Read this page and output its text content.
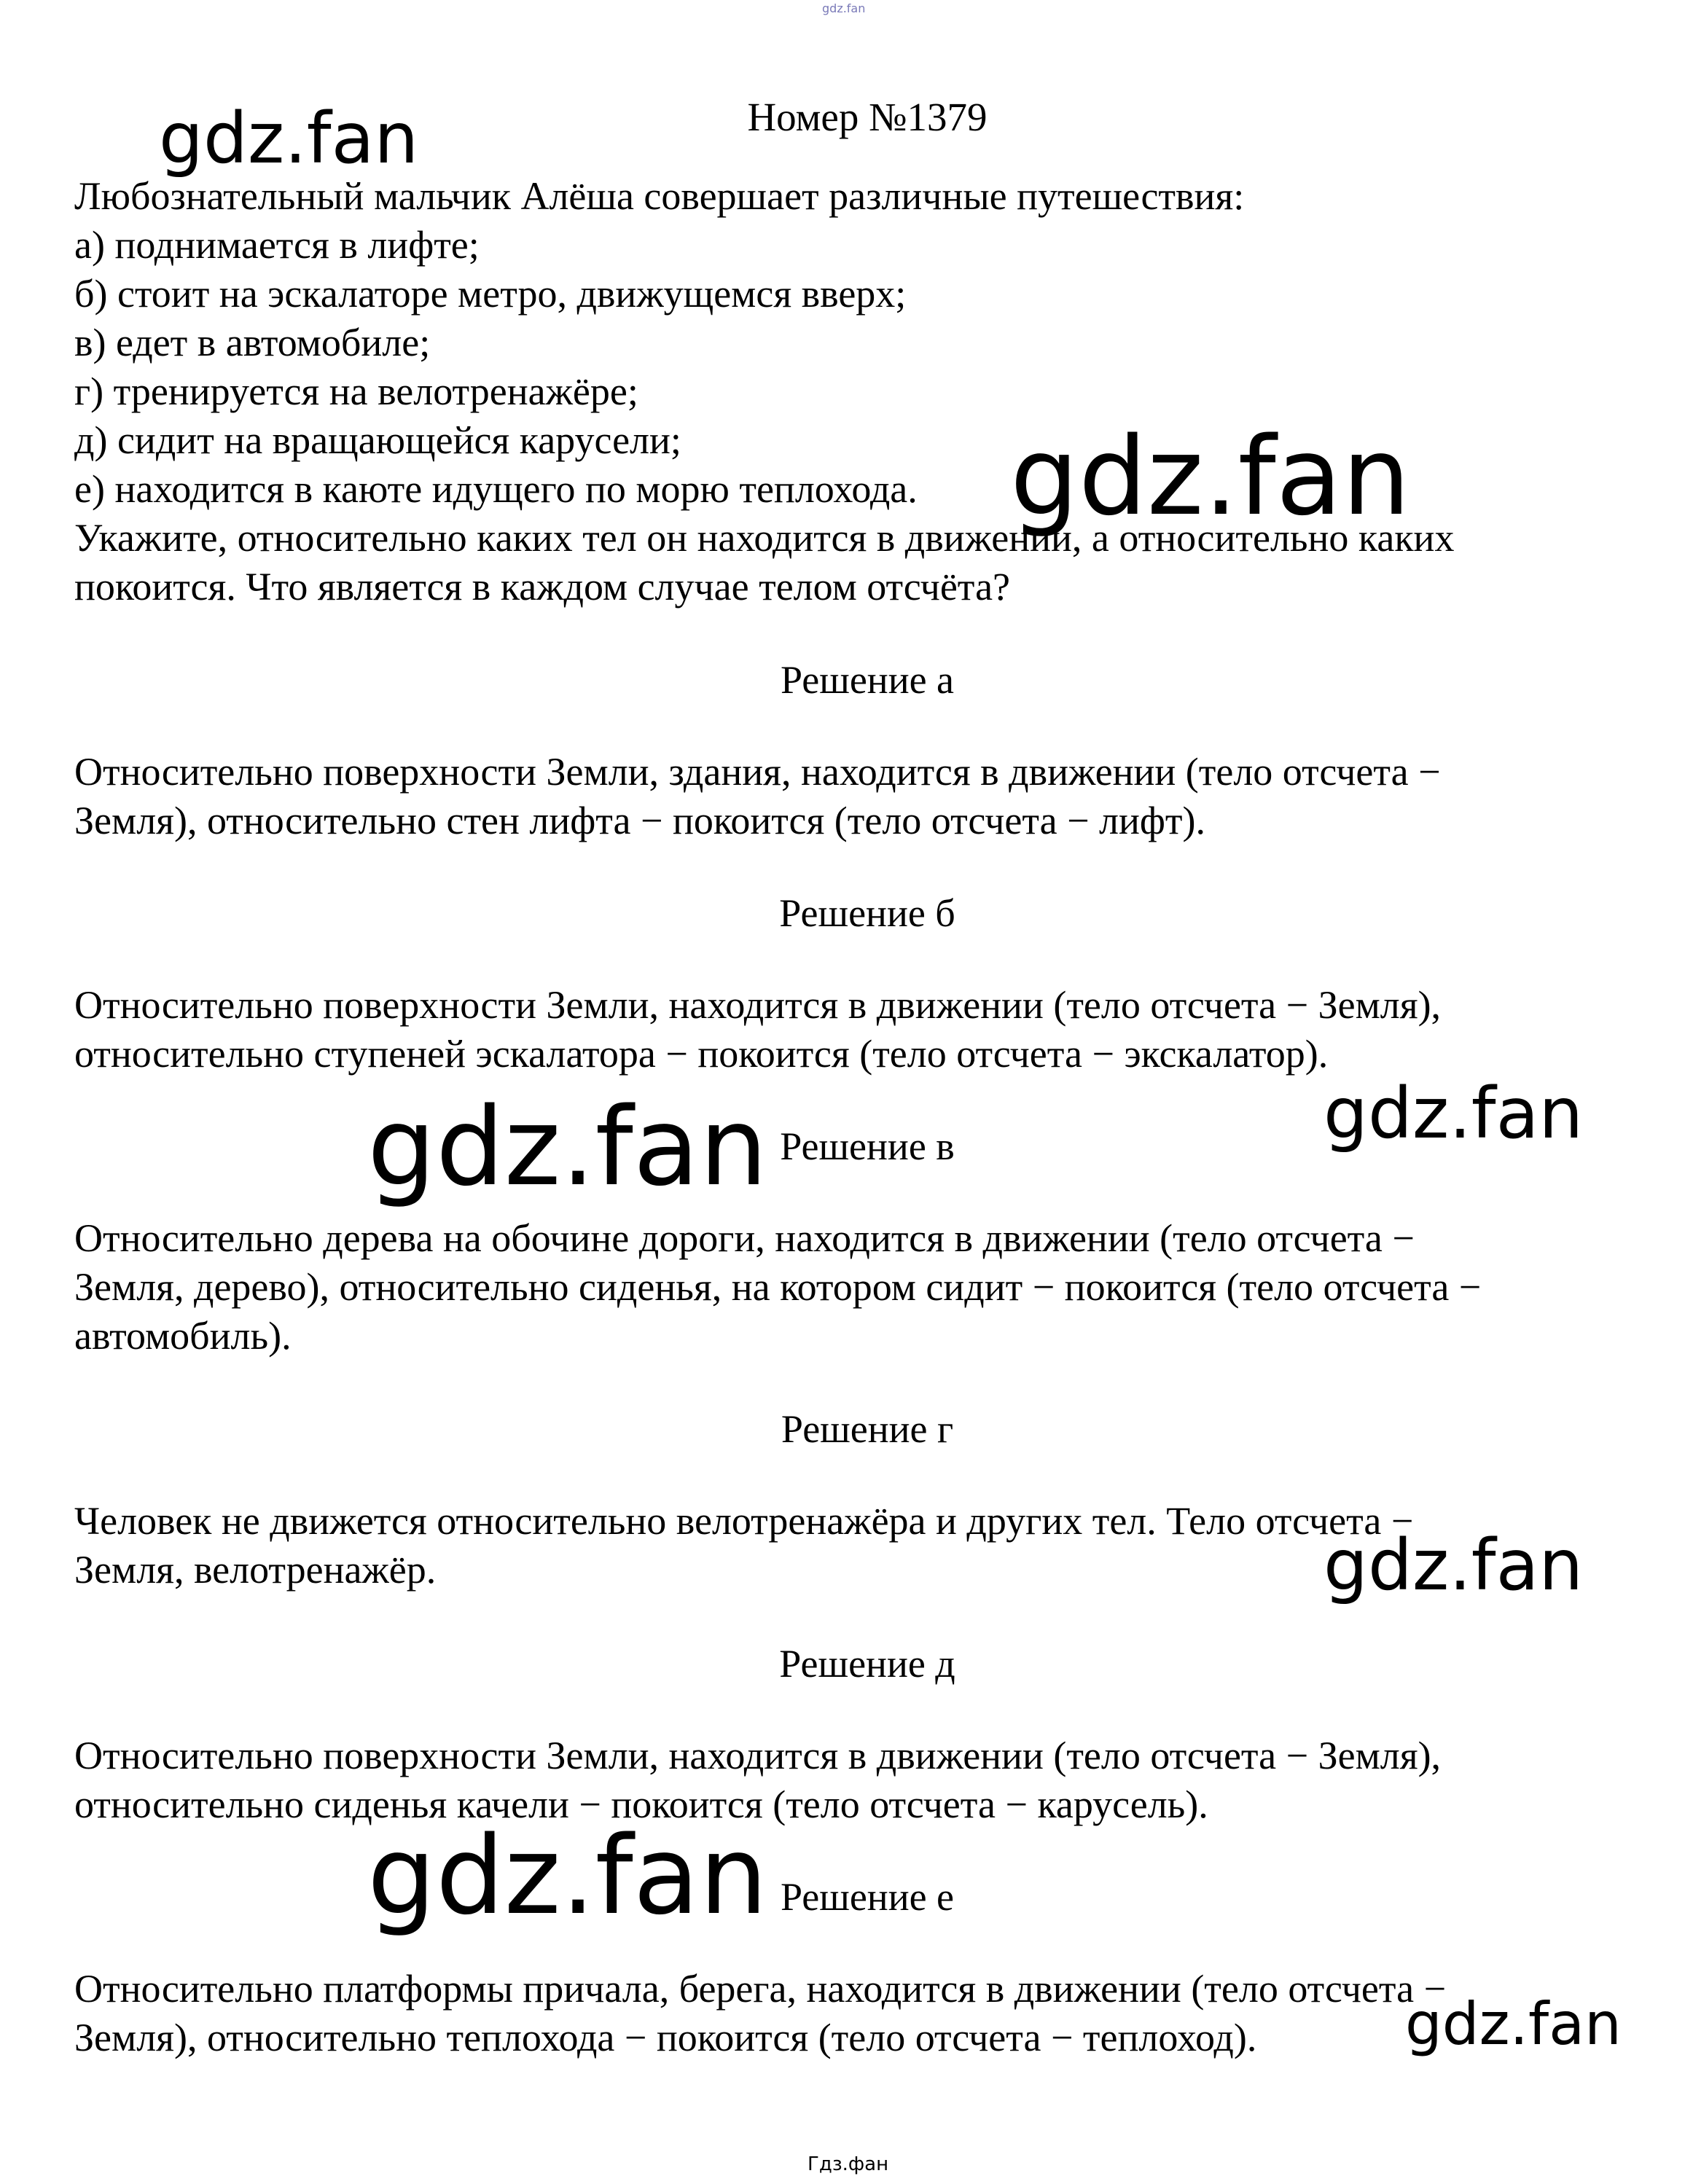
gdz.fan
Номер №1379
Любознательный мальчик Алёша совершает различные путешествия:
а) поднимается в лифте;
б) стоит на эскалаторе метро, движущемся вверх;
в) едет в автомобиле;
г) тренируется на велотренажёре;
д) сидит на вращающейся карусели;
е) находится в каюте идущего по морю теплохода.
Укажите, относительно каких тел он находится в движении, а относительно каких
покоится. Что является в каждом случае телом отсчёта?
Решение а
Относительно поверхности Земли, здания, находится в движении (тело отсчета −
Земля), относительно стен лифта − покоится (тело отсчета − лифт).
Решение б
Относительно поверхности Земли, находится в движении (тело отсчета − Земля),
относительно ступеней эскалатора − покоится (тело отсчета − экскалатор).
Решение в
Относительно дерева на обочине дороги, находится в движении (тело отсчета −
Земля, дерево), относительно сиденья, на котором сидит − покоится (тело отсчета −
автомобиль).
Решение г
Человек не движется относительно велотренажёра и других тел. Тело отсчета −
Земля, велотренажёр.
Решение д
Относительно поверхности Земли, находится в движении (тело отсчета − Земля),
относительно сиденья качели − покоится (тело отсчета − карусель).
Решение е
Относительно платформы причала, берега, находится в движении (тело отсчета −
Земля), относительно теплохода − покоится (тело отсчета − теплоход).
gdz.fan
gdz.fan
gdz.fan
gdz.fan
gdz.fan
gdz.fan
gdz.fan
Гдз.фан
